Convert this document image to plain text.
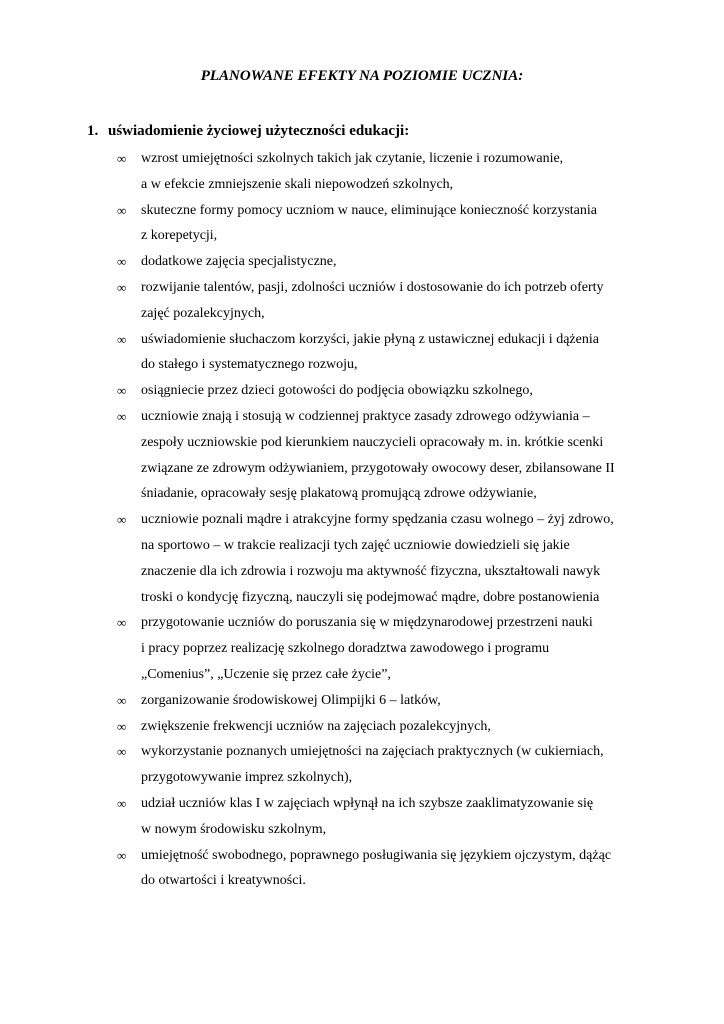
PLANOWANE EFEKTY NA POZIOMIE UCZNIA:
1. uświadomienie życiowej użyteczności edukacji:
∞ wzrost umiejętności szkolnych takich jak czytanie, liczenie i rozumowanie,
a w efekcie zmniejszenie skali niepowodzeń szkolnych,
∞ skuteczne formy pomocy uczniom w nauce, eliminujące konieczność korzystania
z korepetycji,
∞ dodatkowe zajęcia specjalistyczne,
∞ rozwijanie talentów, pasji, zdolności uczniów i dostosowanie do ich potrzeb oferty
zajęć pozalekcyjnych,
∞ uświadomienie słuchaczom korzyści, jakie płyną z ustawicznej edukacji i dążenia
do stałego i systematycznego rozwoju,
∞ osiągniecie przez dzieci gotowości do podjęcia obowiązku szkolnego,
∞ uczniowie znają i stosują w codziennej praktyce zasady zdrowego odżywiania –
zespoły uczniowskie pod kierunkiem nauczycieli opracowały m. in. krótkie scenki
związane ze zdrowym odżywianiem, przygotowały owocowy deser, zbilansowane II
śniadanie, opracowały sesję plakatową promującą zdrowe odżywianie,
∞ uczniowie poznali mądre i atrakcyjne formy spędzania czasu wolnego – żyj zdrowo,
na sportowo – w trakcie realizacji tych zajęć uczniowie dowiedzieli się jakie
znaczenie dla ich zdrowia i rozwoju ma aktywność fizyczna, ukształtowali nawyk
troski o kondycję fizyczną, nauczyli się podejmować mądre, dobre postanowienia
∞ przygotowanie uczniów do poruszania się w międzynarodowej przestrzeni nauki
i pracy poprzez realizację szkolnego doradztwa zawodowego i programu
„Comenius”, „Uczenie się przez całe życie”,
∞ zorganizowanie środowiskowej Olimpijki 6 – latków,
∞ zwiększenie frekwencji uczniów na zajęciach pozalekcyjnych,
∞ wykorzystanie poznanych umiejętności na zajęciach praktycznych (w cukierniach,
przygotowywanie imprez szkolnych),
∞ udział uczniów klas I w zajęciach wpłynął na ich szybsze zaaklimatyzowanie się
w nowym środowisku szkolnym,
∞ umiejętność swobodnego, poprawnego posługiwania się językiem ojczystym, dążąc
do otwartości i kreatywności.
